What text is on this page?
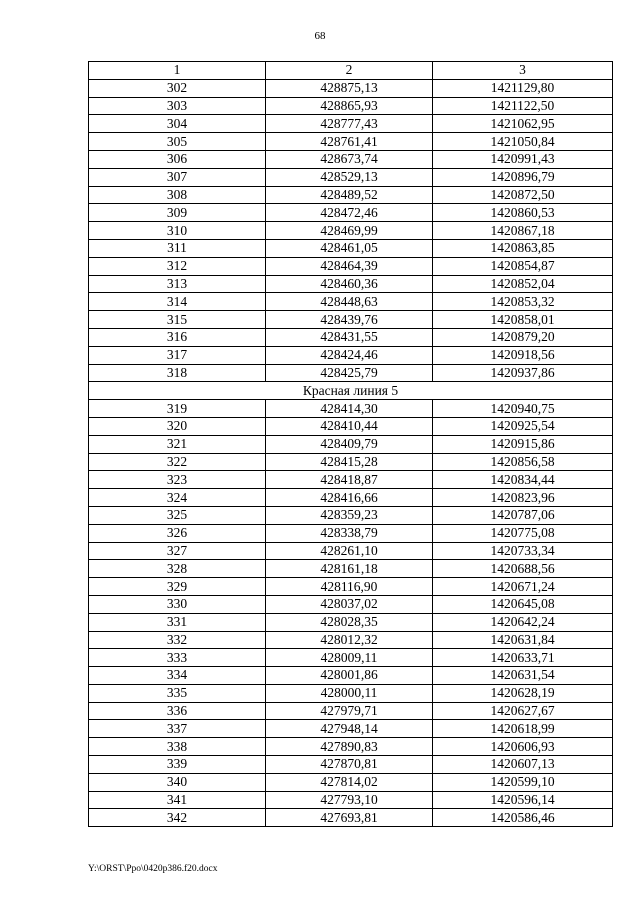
68
1	2	3
302	428875,13	1421129,80
303	428865,93	1421122,50
304	428777,43	1421062,95
305	428761,41	1421050,84
306	428673,74	1420991,43
307	428529,13	1420896,79
308	428489,52	1420872,50
309	428472,46	1420860,53
310	428469,99	1420867,18
311	428461,05	1420863,85
312	428464,39	1420854,87
313	428460,36	1420852,04
314	428448,63	1420853,32
315	428439,76	1420858,01
316	428431,55	1420879,20
317	428424,46	1420918,56
318	428425,79	1420937,86
Красная линия 5		
319	428414,30	1420940,75
320	428410,44	1420925,54
321	428409,79	1420915,86
322	428415,28	1420856,58
323	428418,87	1420834,44
324	428416,66	1420823,96
325	428359,23	1420787,06
326	428338,79	1420775,08
327	428261,10	1420733,34
328	428161,18	1420688,56
329	428116,90	1420671,24
330	428037,02	1420645,08
331	428028,35	1420642,24
332	428012,32	1420631,84
333	428009,11	1420633,71
334	428001,86	1420631,54
335	428000,11	1420628,19
336	427979,71	1420627,67
337	427948,14	1420618,99
338	427890,83	1420606,93
339	427870,81	1420607,13
340	427814,02	1420599,10
341	427793,10	1420596,14
342	427693,81	1420586,46
Y:\ORST\Ppo\0420p386.f20.docx
